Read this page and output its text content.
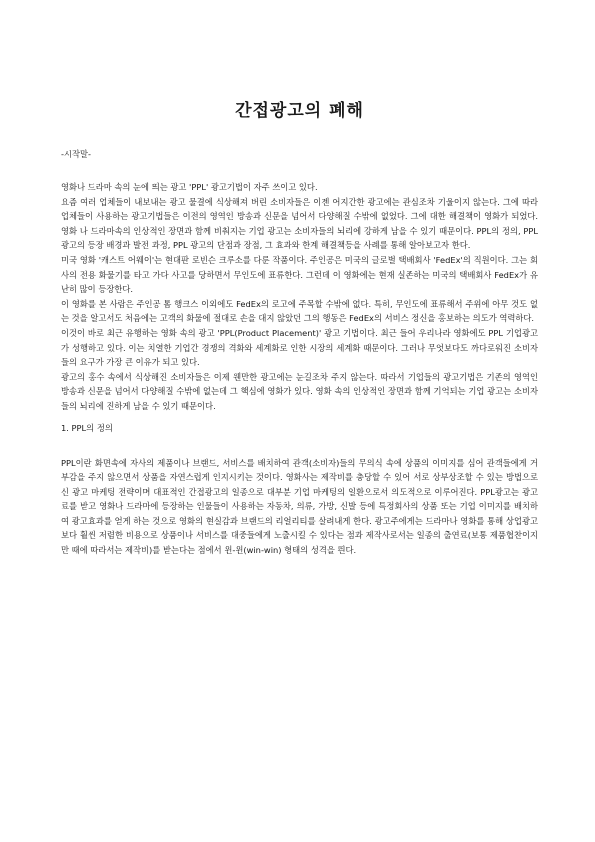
간접광고의 폐해
-시작말-

영화나 드라마 속의 눈에 띄는 광고 'PPL' 광고기법이 자주 쓰이고 있다.

요즘 여러 업체들이 내보내는 광고 물결에 식상해져 버린 소비자들은 이젠 어지간한 광고에는 관심조차 기울이지 않는다. 그에 따라 업체들이 사용하는 광고기법들은 이전의 영역인 방송과 신문을 넘어서 다양해질 수밖에 없었다. 그에 대한 해결책이 영화가 되었다. 영화 나 드라마속의 인상적인 장면과 함께 비춰지는 기업 광고는 소비자들의 뇌리에 강하게 남을 수 있기 때문이다. PPL의 정의, PPL광고의 등장 배경과 발전 과정, PPL 광고의 단점과 장점, 그 효과와 한계 해결책등을 사례를 통해 알아보고자 한다.

미국 영화 '캐스트 어웨이'는 현대판 로빈슨 크루소를 다룬 작품이다. 주인공은 미국의 글로벌 택배회사 'FedEx'의 직원이다. 그는 회사의 전용 화물기를 타고 가다 사고를 당하면서 무인도에 표류한다. 그런데 이 영화에는 현재 실존하는 미국의 택배회사 FedEx가 유난히 많이 등장한다.

이 영화를 본 사람은 주인공 톰 행크스 이외에도 FedEx의 로고에 주목할 수밖에 없다. 특히, 무인도에 표류해서 주위에 아무 것도 없는 것을 알고서도 처음에는 고객의 화물에 절대로 손을 대지 않았던 그의 행동은 FedEx의 서비스 정신을 홍보하는 의도가 역력하다.

이것이 바로 최근 유행하는 영화 속의 광고 'PPL(Product Placement)' 광고 기법이다. 최근 들어 우리나라 영화에도 PPL 기업광고가 성행하고 있다. 이는 치열한 기업간 경쟁의 격화와 세계화로 인한 시장의 세계화 때문이다. 그러나 무엇보다도 까다로워진 소비자들의 요구가 가장 큰 이유가 되고 있다.

광고의 홍수 속에서 식상해진 소비자들은 이제 웬만한 광고에는 눈길조차 주지 않는다. 따라서 기업들의 광고기법은 기존의 영역인 방송과 신문을 넘어서 다양해질 수밖에 없는데 그 핵심에 영화가 있다. 영화 속의 인상적인 장면과 함께 기억되는 기업 광고는 소비자들의 뇌리에 진하게 남을 수 있기 때문이다.

1. PPL의 정의

PPL이란 화면속에 자사의 제품이나 브랜드, 서비스를 배치하여 관객(소비자)들의 무의식 속에 상품의 이미지를 심어 관객들에게 거부감을 주지 않으면서 상품을 자연스럽게 인지시키는 것이다. 영화사는 제작비를 충당할 수 있어 서로 상부상조할 수 있는 방법으로 신 광고 마케팅 전략이며 대표적인 간접광고의 일종으로 대부분 기업 마케팅의 일환으로서 의도적으로 이루어진다. PPL광고는 광고료를 받고 영화나 드라마에 등장하는 인물들이 사용하는 자동차, 의류, 가방, 신발 등에 특정회사의 상품 또는 기업 이미지를 배치하여 광고효과를 얻게 하는 것으로 영화의 현실감과 브랜드의 리얼리티를 살려내게 한다. 광고주에게는 드라마나 영화를 통해 상업광고보다 훨씬 저렴한 비용으로 상품이나 서비스를 대중들에게 노출시킬 수 있다는 점과 제작사로서는 일종의 출연료(보통 제품협찬이지만 때에 따라서는 제작비)를 받는다는 점에서 윈-윈(win-win) 형태의 성격을 띈다.
